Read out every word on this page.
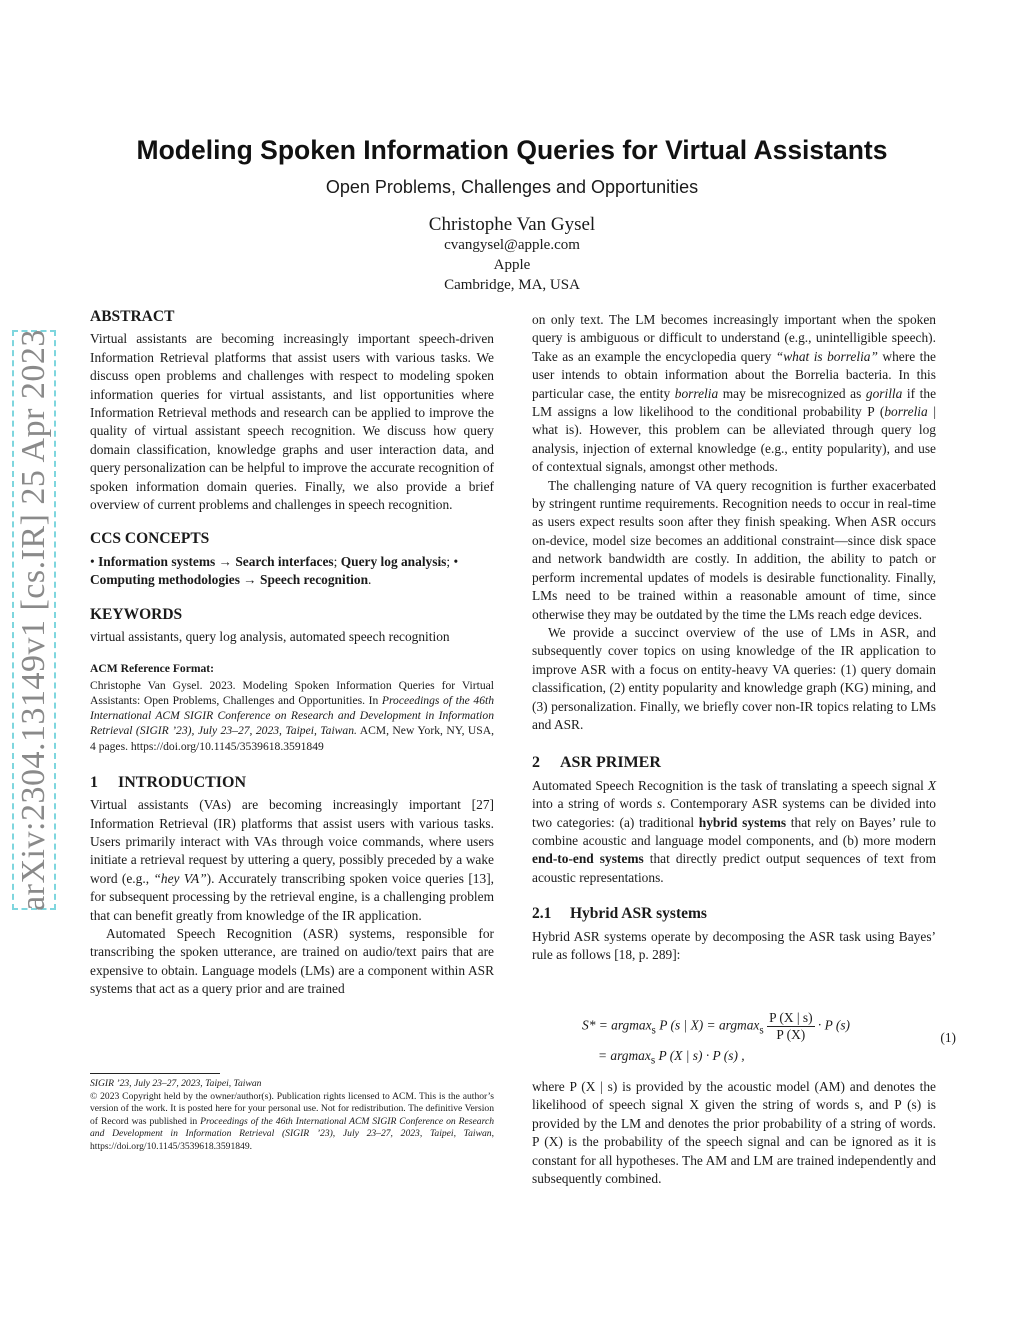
arXiv:2304.13149v1 [cs.IR] 25 Apr 2023
Modeling Spoken Information Queries for Virtual Assistants

Open Problems, Challenges and Opportunities

Christophe Van Gysel

cvangysel@apple.com

Apple

Cambridge, MA, USA

ABSTRACT

Virtual assistants are becoming increasingly important speech-driven Information Retrieval platforms that assist users with various tasks. We discuss open problems and challenges with respect to modeling spoken information queries for virtual assistants, and list opportunities where Information Retrieval methods and research can be applied to improve the quality of virtual assistant speech recognition. We discuss how query domain classification, knowledge graphs and user interaction data, and query personalization can be helpful to improve the accurate recognition of spoken information domain queries. Finally, we also provide a brief overview of current problems and challenges in speech recognition.

CCS CONCEPTS

• Information systems → Search interfaces; Query log analysis; • Computing methodologies → Speech recognition.

KEYWORDS

virtual assistants, query log analysis, automated speech recognition

ACM Reference Format:

Christophe Van Gysel. 2023. Modeling Spoken Information Queries for Virtual Assistants: Open Problems, Challenges and Opportunities. In Proceedings of the 46th International ACM SIGIR Conference on Research and Development in Information Retrieval (SIGIR ’23), July 23–27, 2023, Taipei, Taiwan. ACM, New York, NY, USA, 4 pages. https://doi.org/10.1145/3539618.3591849

1 INTRODUCTION

Virtual assistants (VAs) are becoming increasingly important [27] Information Retrieval (IR) platforms that assist users with various tasks. Users primarily interact with VAs through voice commands, where users initiate a retrieval request by uttering a query, possibly preceded by a wake word (e.g., “hey VA”). Accurately transcribing spoken voice queries [13], for subsequent processing by the retrieval engine, is a challenging problem that can benefit greatly from knowledge of the IR application.

Automated Speech Recognition (ASR) systems, responsible for transcribing the spoken utterance, are trained on audio/text pairs that are expensive to obtain. Language models (LMs) are a component within ASR systems that act as a query prior and are trained

SIGIR ’23, July 23–27, 2023, Taipei, Taiwan

© 2023 Copyright held by the owner/author(s). Publication rights licensed to ACM. This is the author’s version of the work. It is posted here for your personal use. Not for redistribution. The definitive Version of Record was published in Proceedings of the 46th International ACM SIGIR Conference on Research and Development in Information Retrieval (SIGIR ’23), July 23–27, 2023, Taipei, Taiwan, https://doi.org/10.1145/3539618.3591849.

on only text. The LM becomes increasingly important when the spoken query is ambiguous or difficult to understand (e.g., unintelligible speech). Take as an example the encyclopedia query “what is borrelia” where the user intends to obtain information about the Borrelia bacteria. In this particular case, the entity borrelia may be misrecognized as gorilla if the LM assigns a low likelihood to the conditional probability P (borrelia | what is). However, this problem can be alleviated through query log analysis, injection of external knowledge (e.g., entity popularity), and use of contextual signals, amongst other methods.

The challenging nature of VA query recognition is further exacerbated by stringent runtime requirements. Recognition needs to occur in real-time as users expect results soon after they finish speaking. When ASR occurs on-device, model size becomes an additional constraint—since disk space and network bandwidth are costly. In addition, the ability to patch or perform incremental updates of models is desirable functionality. Finally, LMs need to be trained within a reasonable amount of time, since otherwise they may be outdated by the time the LMs reach edge devices.

We provide a succinct overview of the use of LMs in ASR, and subsequently cover topics on using knowledge of the IR application to improve ASR with a focus on entity-heavy VA queries: (1) query domain classification, (2) entity popularity and knowledge graph (KG) mining, and (3) personalization. Finally, we briefly cover non-IR topics relating to LMs and ASR.

2 ASR PRIMER

Automated Speech Recognition is the task of translating a speech signal X into a string of words s. Contemporary ASR systems can be divided into two categories: (a) traditional hybrid systems that rely on Bayes’ rule to combine acoustic and language model components, and (b) more modern end-to-end systems that directly predict output sequences of text from acoustic representations.

2.1 Hybrid ASR systems

Hybrid ASR systems operate by decomposing the ASR task using Bayes’ rule as follows [18, p. 289]:

S* = argmax$_s$ P (s | $X) = argmax_s \frac{P (X | s)}{P (X)} \cdot P$ (s)
= argmax$_s$ P (X | s) · P (s) ,
(1)

where P (X | s) is provided by the acoustic model (AM) and denotes the likelihood of speech signal X given the string of words s, and P (s) is provided by the LM and denotes the prior probability of a string of words. P (X) is the probability of the speech signal and can be ignored as it is constant for all hypotheses. The AM and LM are trained independently and subsequently combined.
